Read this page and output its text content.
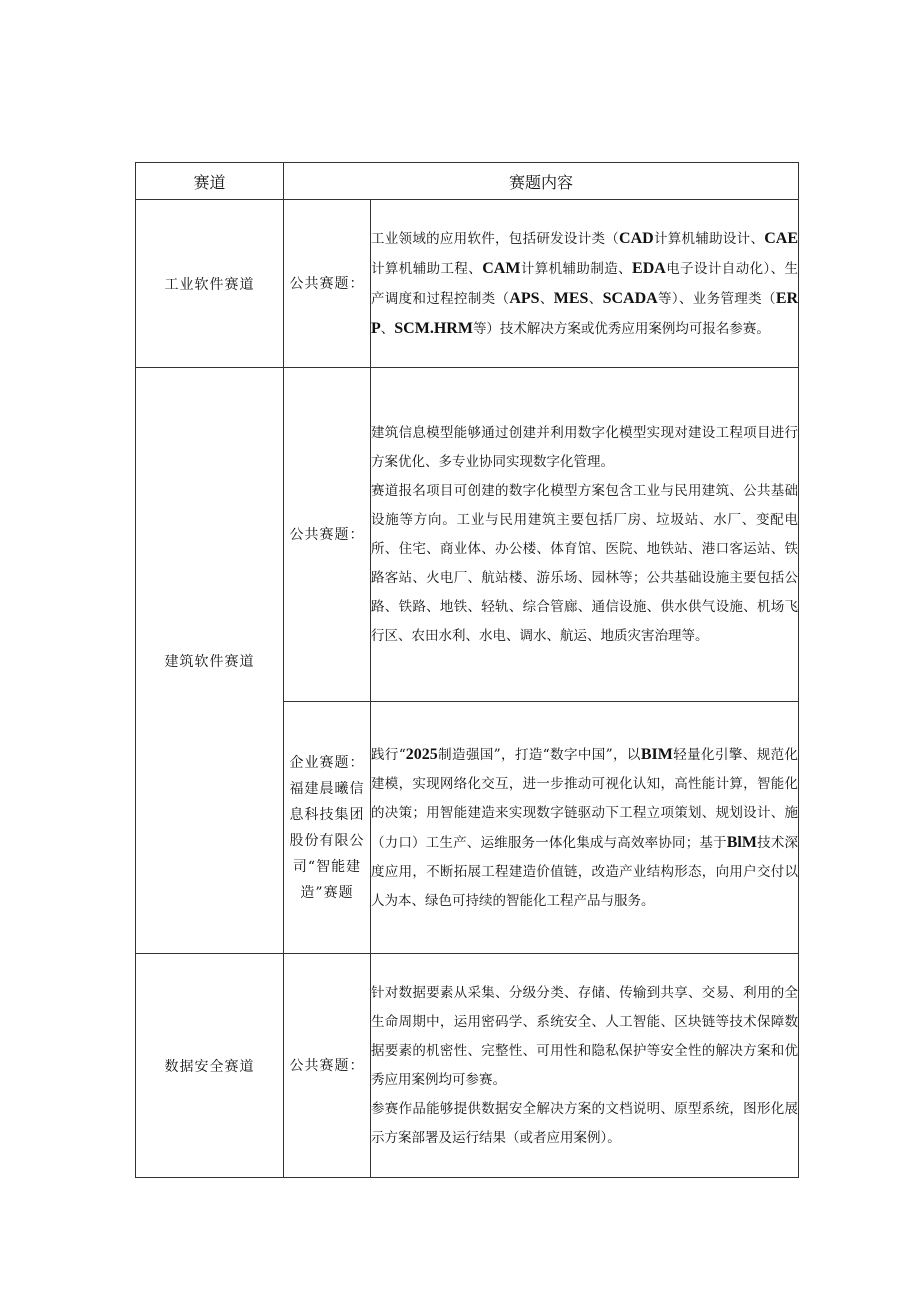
赛道	赛题内容	
工业软件赛道	公共赛题：	工业领域的应用软件，包括研发设计类（CAD计算机辅助设计、CAE计算机辅助工程、CAM计算机辅助制造、EDA电子设计自动化）、生产调度和过程控制类（APS、MES、SCADA等）、业务管理类（ERP、SCM.HRM等）技术解决方案或优秀应用案例均可报名参赛。

建筑软件赛道	公共赛题：	建筑信息模型能够通过创建并利用数字化模型实现对建设工程项目进行方案优化、多专业协同实现数字化管理。

赛道报名项目可创建的数字化模型方案包含工业与民用建筑、公共基础设施等方向。工业与民用建筑主要包括厂房、垃圾站、水厂、变配电所、住宅、商业体、办公楼、体育馆、医院、地铁站、港口客运站、铁路客站、火电厂、航站楼、游乐场、园林等；公共基础设施主要包括公路、铁路、地铁、轻轨、综合管廊、通信设施、供水供气设施、机场飞行区、农田水利、水电、调水、航运、地质灾害治理等。

	企业赛题：福建晨曦信息科技集团股份有限公司“智能建造”赛题	践行“2025制造强国”，打造“数字中国”，以BIM轻量化引擎、规范化建模，实现网络化交互，进一步推动可视化认知，高性能计算，智能化的决策；用智能建造来实现数字链驱动下工程立项策划、规划设计、施（力口）工生产、运维服务一体化集成与高效率协同；基于BlM技术深度应用，不断拓展工程建造价值链，改造产业结构形态，向用户交付以人为本、绿色可持续的智能化工程产品与服务。

数据安全赛道	公共赛题：	针对数据要素从采集、分级分类、存储、传输到共享、交易、利用的全生命周期中，运用密码学、系统安全、人工智能、区块链等技术保障数据要素的机密性、完整性、可用性和隐私保护等安全性的解决方案和优秀应用案例均可参赛。

参赛作品能够提供数据安全解决方案的文档说明、原型系统，图形化展示方案部署及运行结果（或者应用案例）。
